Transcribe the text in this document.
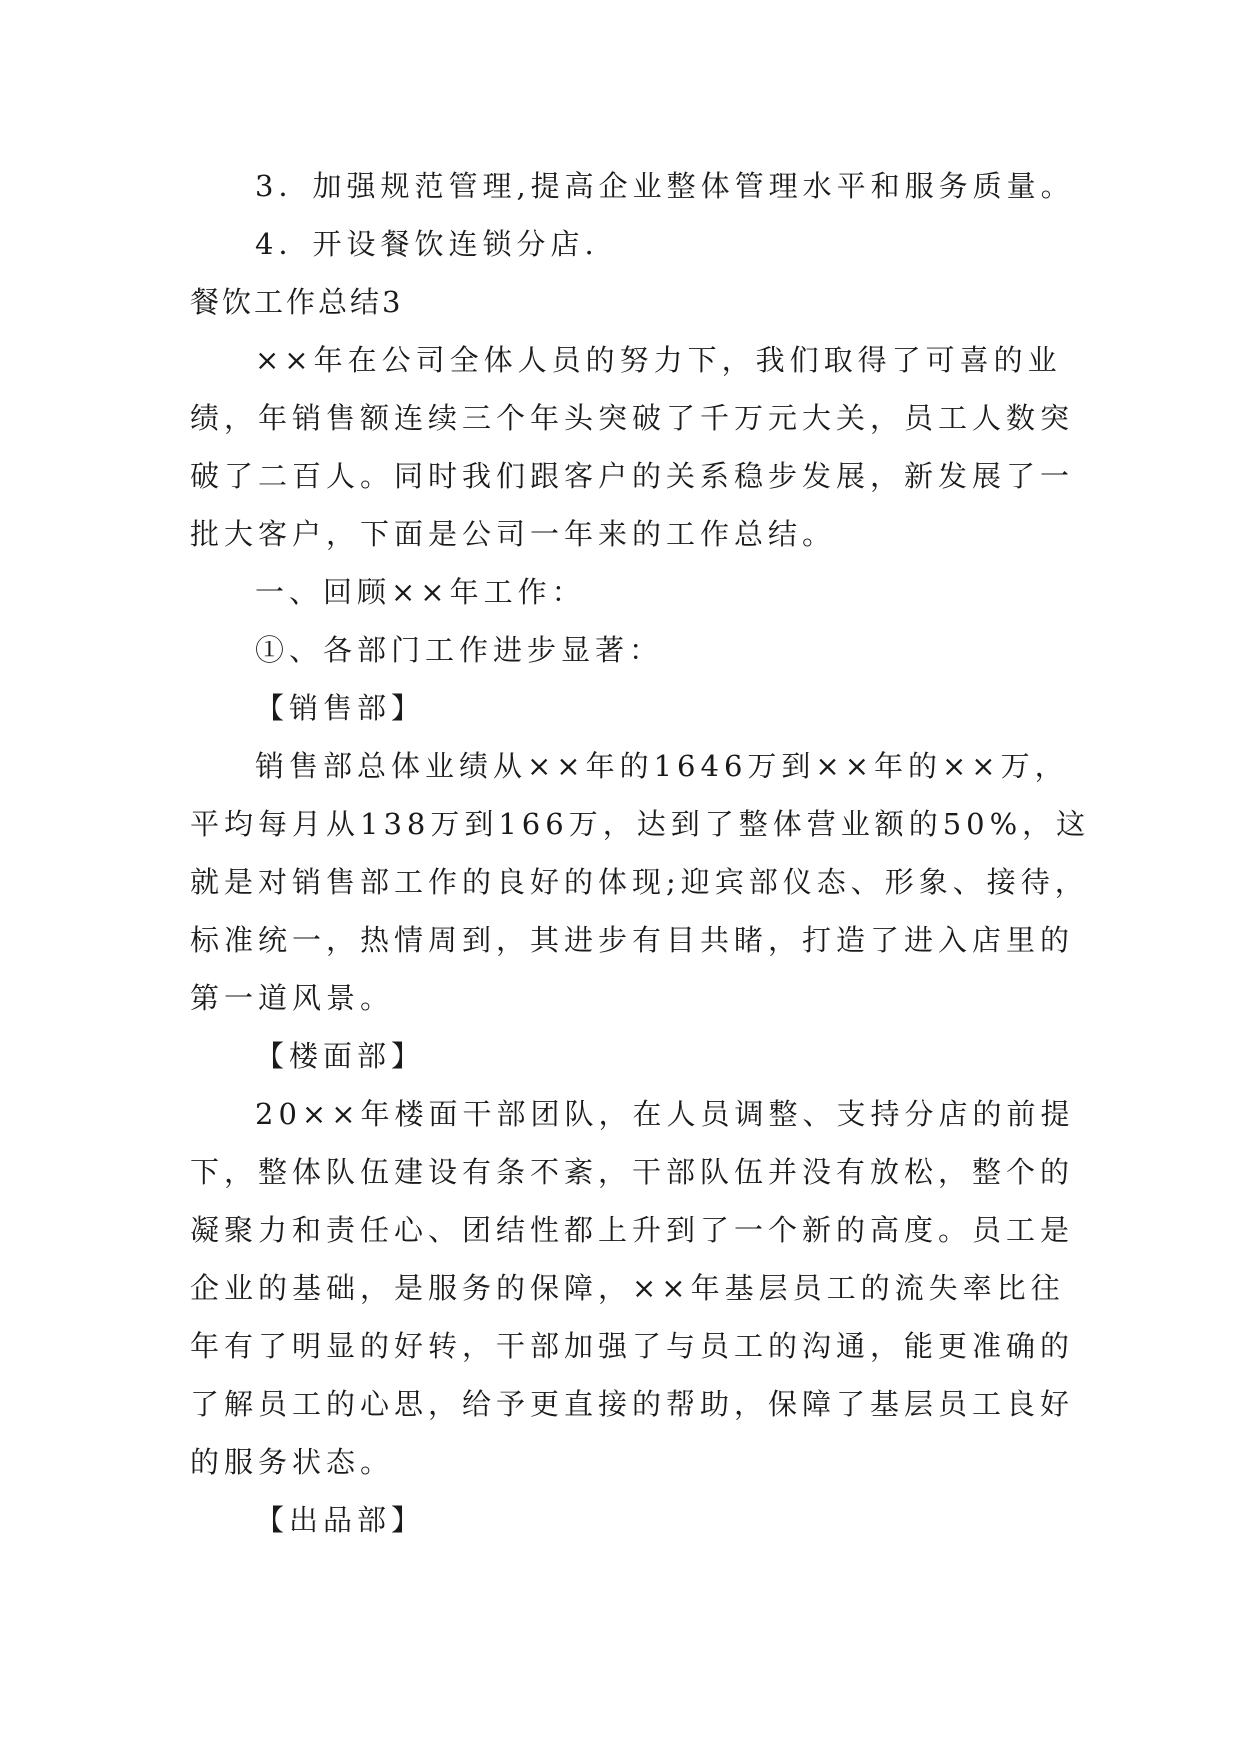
3．加强规范管理,提高企业整体管理水平和服务质量。
4．开设餐饮连锁分店.
餐饮工作总结3
××年在公司全体人员的努力下，我们取得了可喜的业
绩，年销售额连续三个年头突破了千万元大关，员工人数突
破了二百人。同时我们跟客户的关系稳步发展，新发展了一
批大客户，下面是公司一年来的工作总结。
一、回顾××年工作：
①、各部门工作进步显著：
【销售部】
销售部总体业绩从××年的1646万到××年的××万，
平均每月从138万到166万，达到了整体营业额的50%，这
就是对销售部工作的良好的体现;迎宾部仪态、形象、接待，
标准统一，热情周到，其进步有目共睹，打造了进入店里的
第一道风景。
【楼面部】
20××年楼面干部团队，在人员调整、支持分店的前提
下，整体队伍建设有条不紊，干部队伍并没有放松，整个的
凝聚力和责任心、团结性都上升到了一个新的高度。员工是
企业的基础，是服务的保障，××年基层员工的流失率比往
年有了明显的好转，干部加强了与员工的沟通，能更准确的
了解员工的心思，给予更直接的帮助，保障了基层员工良好
的服务状态。
【出品部】
